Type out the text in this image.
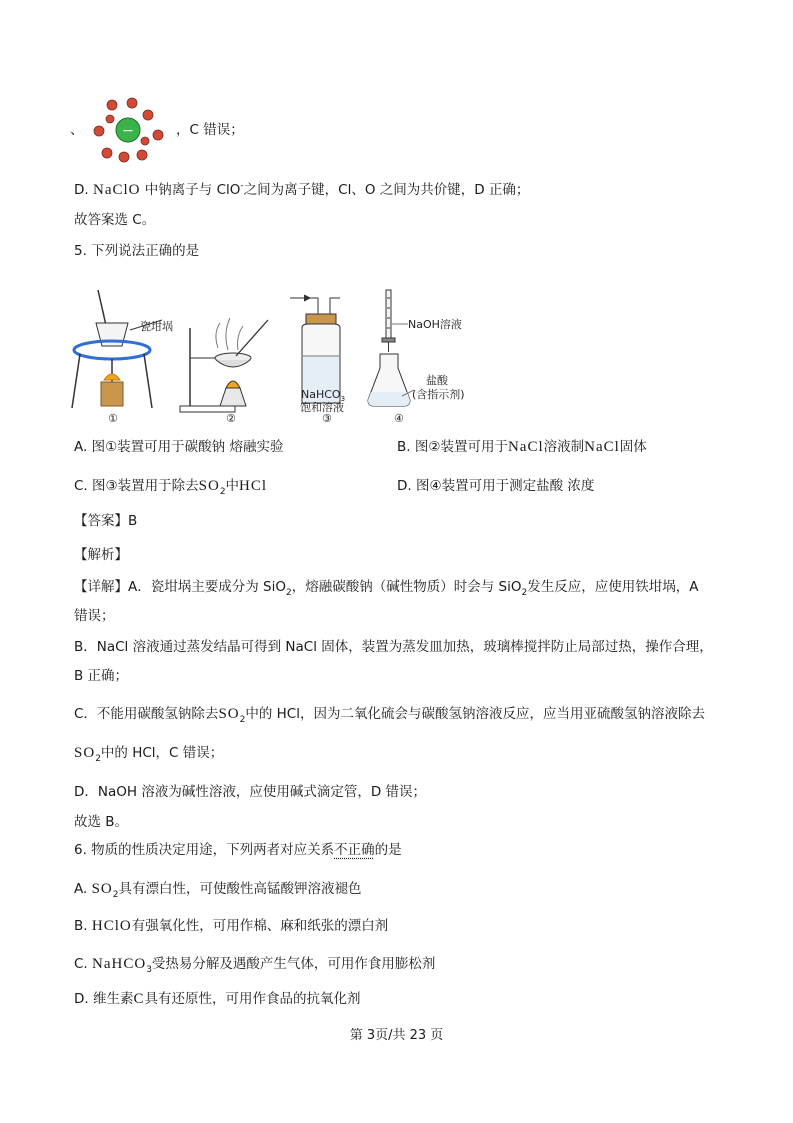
、	−	，C 错误；
D. NaClO 中钠离子与 ClO-之间为离子键，Cl、O 之间为共价键，D 正确；
故答案选 C。
5. 下列说法正确的是
瓷坩埚
①	②
NaHCO$_3$
饱和溶液
③
NaOH溶液
盐酸
(含指示剂)
④
A. 图①装置可用于碳酸钠 熔融实验	B. 图②装置可用于NaCl溶液制NaCl固体
C. 图③装置用于除去$SO_2$中HCl	D. 图④装置可用于测定盐酸 浓度
【答案】B
【解析】
【详解】A．瓷坩埚主要成分为 SiO$_2$，熔融碳酸钠（碱性物质）时会与 SiO$_2$发生反应，应使用铁坩埚，A
错误；
B．NaCl 溶液通过蒸发结晶可得到 NaCl 固体，装置为蒸发皿加热，玻璃棒搅拌防止局部过热，操作合理，
B 正确；
C．不能用碳酸氢钠除去$SO_2$中的 HCl，因为二氧化硫会与碳酸氢钠溶液反应，应当用亚硫酸氢钠溶液除去
$SO_2$中的 HCl，C 错误；
D．NaOH 溶液为碱性溶液，应使用碱式滴定管，D 错误；
故选 B。
6. 物质的性质决定用途，下列两者对应关系不正确的是
A. $SO_2$具有漂白性，可使酸性高锰酸钾溶液褪色
B. HClO有强氧化性，可用作棉、麻和纸张的漂白剂
C. NaHCO$_3$受热易分解及遇酸产生气体，可用作食用膨松剂
D. 维生素C具有还原性，可用作食品的抗氧化剂
第 3页/共 23 页
